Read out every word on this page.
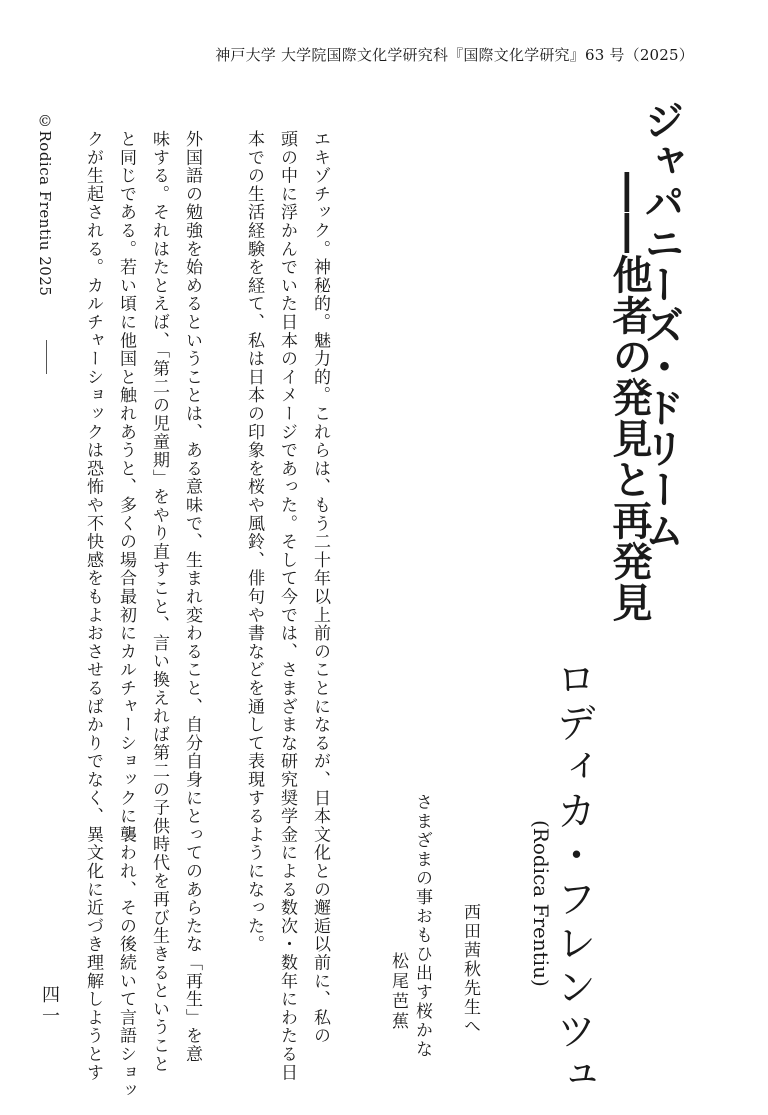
神戸大学 大学院国際文化学研究科『国際文化学研究』63 号（2025）
ジャパニーズ・ドリーム
――他者の発見と再発見
ロディカ・フレンツュ
(Rodica Frentiu)
西田茜秋先生へ
さまざまの事おもひ出す桜かな
松尾芭蕉
エキゾチック。神秘的。魅力的。これらは、もう二十年以上前のことになるが、日本文化との邂逅以前に、私の
頭の中に浮かんでいた日本のイメージであった。そして今では、さまざまな研究奨学金による数次・数年にわたる日
本での生活経験を経て、私は日本の印象を桜や風鈴、俳句や書などを通して表現するようになった。
外国語の勉強を始めるということは、ある意味で、生まれ変わること、自分自身にとってのあらたな「再生」を意
味する。それはたとえば、「第二の児童期」をやり直すこと、言い換えれば第二の子供時代を再び生きるということ
と同じである。若い頃に他国と触れあうと、多くの場合最初にカルチャーショックに襲われ、その後続いて言語ショッ
クが生起される。カルチャーショックは恐怖や不快感をもよおさせるばかりでなく、異文化に近づき理解しようとす
©Rodica Frentiu 2025
四一
